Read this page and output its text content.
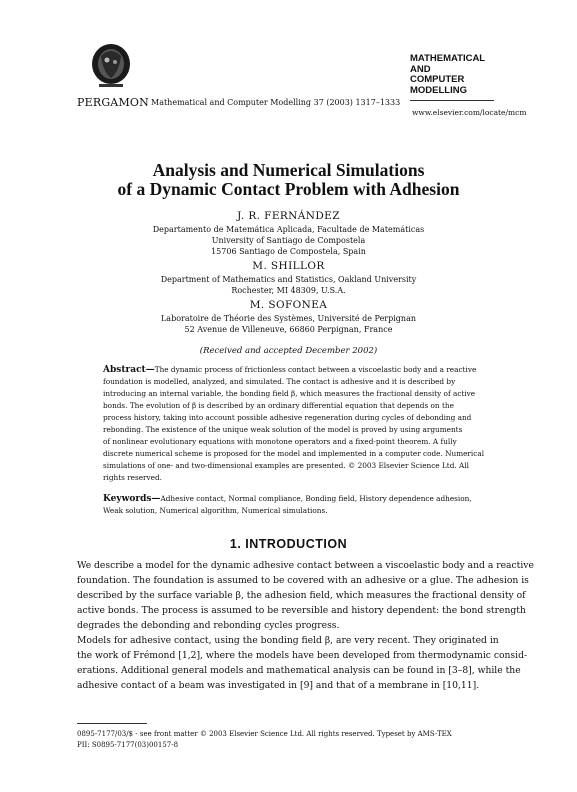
PERGAMON Mathematical and Computer Modelling 37 (2003) 1317–1333
MATHEMATICAL
AND
COMPUTER
MODELLING
www.elsevier.com/locate/mcm
Analysis and Numerical Simulations
of a Dynamic Contact Problem with Adhesion
J. R. FERNÁNDEZ
Departamento de Matemática Aplicada, Facultade de Matemáticas
University of Santiago de Compostela
15706 Santiago de Compostela, Spain
M. SHILLOR
Department of Mathematics and Statistics, Oakland University
Rochester, MI 48309, U.S.A.
M. SOFONEA
Laboratoire de Théorie des Systèmes, Université de Perpignan
52 Avenue de Villeneuve, 66860 Perpignan, France
(Received and accepted December 2002)
Abstract—The dynamic process of frictionless contact between a viscoelastic body and a reactive
foundation is modelled, analyzed, and simulated. The contact is adhesive and it is described by
introducing an internal variable, the bonding field β, which measures the fractional density of active
bonds. The evolution of β is described by an ordinary differential equation that depends on the
process history, taking into account possible adhesive regeneration during cycles of debonding and
rebonding. The existence of the unique weak solution of the model is proved by using arguments
of nonlinear evolutionary equations with monotone operators and a fixed-point theorem. A fully
discrete numerical scheme is proposed for the model and implemented in a computer code. Numerical
simulations of one- and two-dimensional examples are presented. © 2003 Elsevier Science Ltd. All
rights reserved.
Keywords—Adhesive contact, Normal compliance, Bonding field, History dependence adhesion,
Weak solution, Numerical algorithm, Numerical simulations.
1. INTRODUCTION
We describe a model for the dynamic adhesive contact between a viscoelastic body and a reactive
foundation. The foundation is assumed to be covered with an adhesive or a glue. The adhesion is
described by the surface variable β, the adhesion field, which measures the fractional density of
active bonds. The process is assumed to be reversible and history dependent: the bond strength
degrades the debonding and rebonding cycles progress.
Models for adhesive contact, using the bonding field β, are very recent. They originated in
the work of Frémond [1,2], where the models have been developed from thermodynamic consid-
erations. Additional general models and mathematical analysis can be found in [3–8], while the
adhesive contact of a beam was investigated in [9] and that of a membrane in [10,11].
0895-7177/03/$ - see front matter © 2003 Elsevier Science Ltd. All rights reserved. Typeset by AMS-TEX
PII: S0895-7177(03)00157-8
